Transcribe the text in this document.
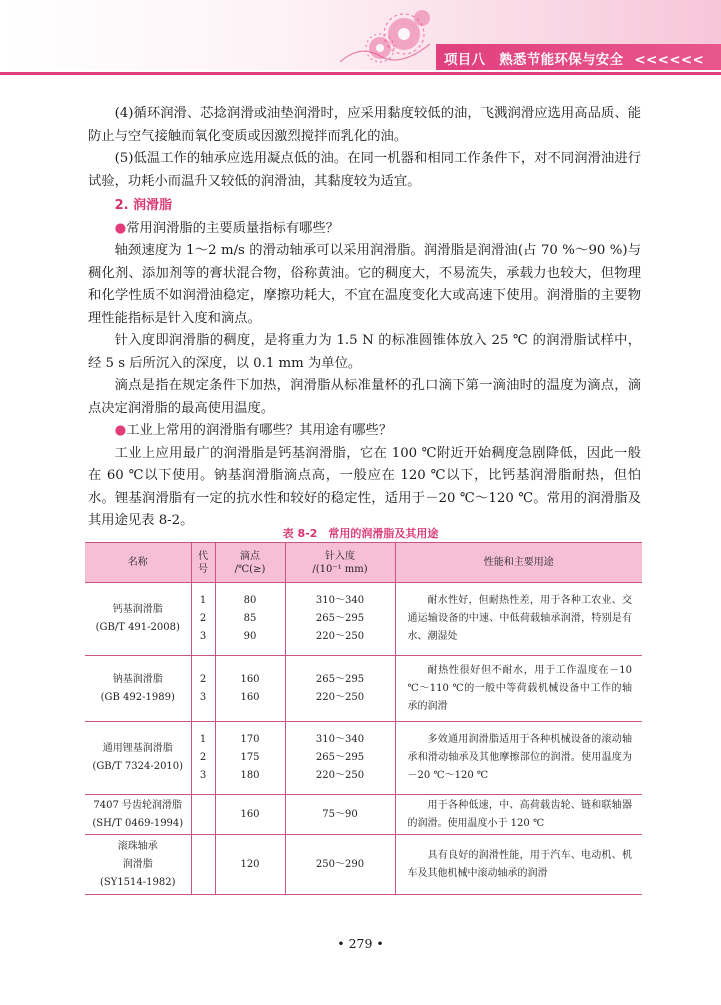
项目八　熟悉节能环保与安全 <<<<<<

(4)循环润滑、芯捻润滑或油垫润滑时，应采用黏度较低的油，飞溅润滑应选用高品质、能防止与空气接触而氧化变质或因激烈搅拌而乳化的油。

(5)低温工作的轴承应选用凝点低的油。在同一机器和相同工作条件下，对不同润滑油进行试验，功耗小而温升又较低的润滑油，其黏度较为适宜。

2. 润滑脂

●常用润滑脂的主要质量指标有哪些？

轴颈速度为 1～2 m/s 的滑动轴承可以采用润滑脂。润滑脂是润滑油(占 70 %～90 %)与稠化剂、添加剂等的膏状混合物，俗称黄油。它的稠度大，不易流失，承载力也较大，但物理和化学性质不如润滑油稳定，摩擦功耗大，不宜在温度变化大或高速下使用。润滑脂的主要物理性能指标是针入度和滴点。

针入度即润滑脂的稠度，是将重力为 1.5 N 的标准圆锥体放入 25 ℃ 的润滑脂试样中，经 5 s 后所沉入的深度，以 0.1 mm 为单位。

滴点是指在规定条件下加热，润滑脂从标准量杯的孔口滴下第一滴油时的温度为滴点，滴点决定润滑脂的最高使用温度。

●工业上常用的润滑脂有哪些？其用途有哪些？

工业上应用最广的润滑脂是钙基润滑脂，它在 100 ℃附近开始稠度急剧降低，因此一般在 60 ℃以下使用。钠基润滑脂滴点高，一般应在 120 ℃以下，比钙基润滑脂耐热，但怕水。锂基润滑脂有一定的抗水性和较好的稳定性，适用于－20 ℃～120 ℃。常用的润滑脂及其用途见表 8-2。

表 8-2　常用的润滑脂及其用途
名称	代
号	滴点
/℃(≥)	针入度
/(10⁻¹ mm)	性能和主要用途

钙基润滑脂
(GB/T 491-2008)	1
2
3	80
85
90	310～340
265～295
220～250	耐水性好，但耐热性差，用于各种工农业、交通运输设备的中速、中低荷载轴承润滑，特别是有水、潮湿处

钠基润滑脂
(GB 492-1989)	2
3	160
160	265～295
220～250	耐热性很好但不耐水，用于工作温度在－10 ℃～110 ℃的一般中等荷载机械设备中工作的轴承的润滑

通用锂基润滑脂
(GB/T 7324-2010)	1
2
3	170
175
180	310～340
265～295
220～250	多效通用润滑脂适用于各种机械设备的滚动轴承和滑动轴承及其他摩擦部位的润滑。使用温度为－20 ℃～120 ℃

7407 号齿轮润滑脂
(SH/T 0469-1994)		160	75～90	用于各种低速，中、高荷载齿轮、链和联轴器的润滑。使用温度小于 120 ℃

滚珠轴承
润滑脂
(SY1514-1982)		120	250～290	具有良好的润滑性能，用于汽车、电动机、机车及其他机械中滚动轴承的润滑
• 279 •
